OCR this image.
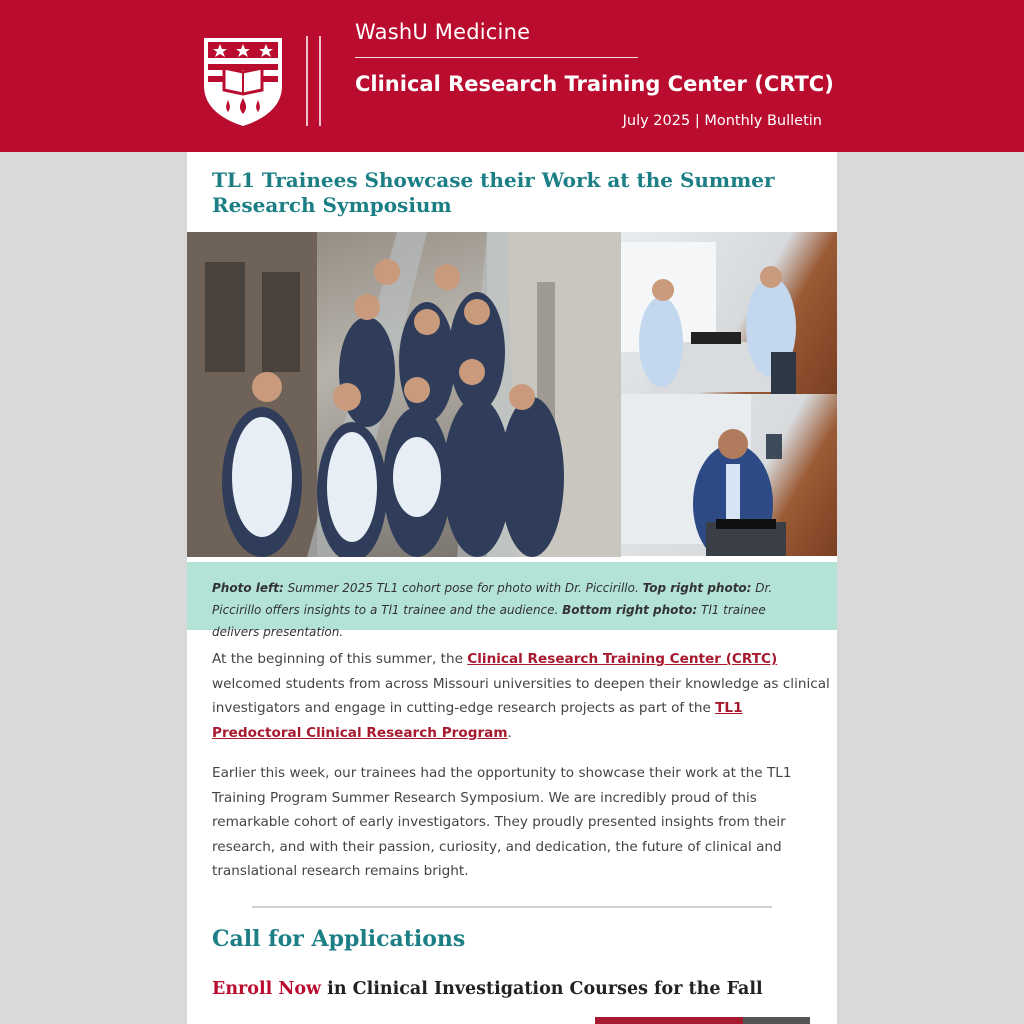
WashU Medicine
Clinical Research Training Center (CRTC)
July 2025 | Monthly Bulletin
TL1 Trainees Showcase their Work at the Summer Research Symposium
Photo left: Summer 2025 TL1 cohort pose for photo with Dr. Piccirillo. Top right photo: Dr. Piccirillo offers insights to a Tl1 trainee and the audience. Bottom right photo: Tl1 trainee delivers presentation.

At the beginning of this summer, the Clinical Research Training Center (CRTC) welcomed students from across Missouri universities to deepen their knowledge as clinical investigators and engage in cutting-edge research projects as part of the TL1 Predoctoral Clinical Research Program.

Earlier this week, our trainees had the opportunity to showcase their work at the TL1 Training Program Summer Research Symposium. We are incredibly proud of this remarkable cohort of early investigators. They proudly presented insights from their research, and with their passion, curiosity, and dedication, the future of clinical and translational research remains bright.

Call for Applications
Enroll Now in Clinical Investigation Courses for the Fall
